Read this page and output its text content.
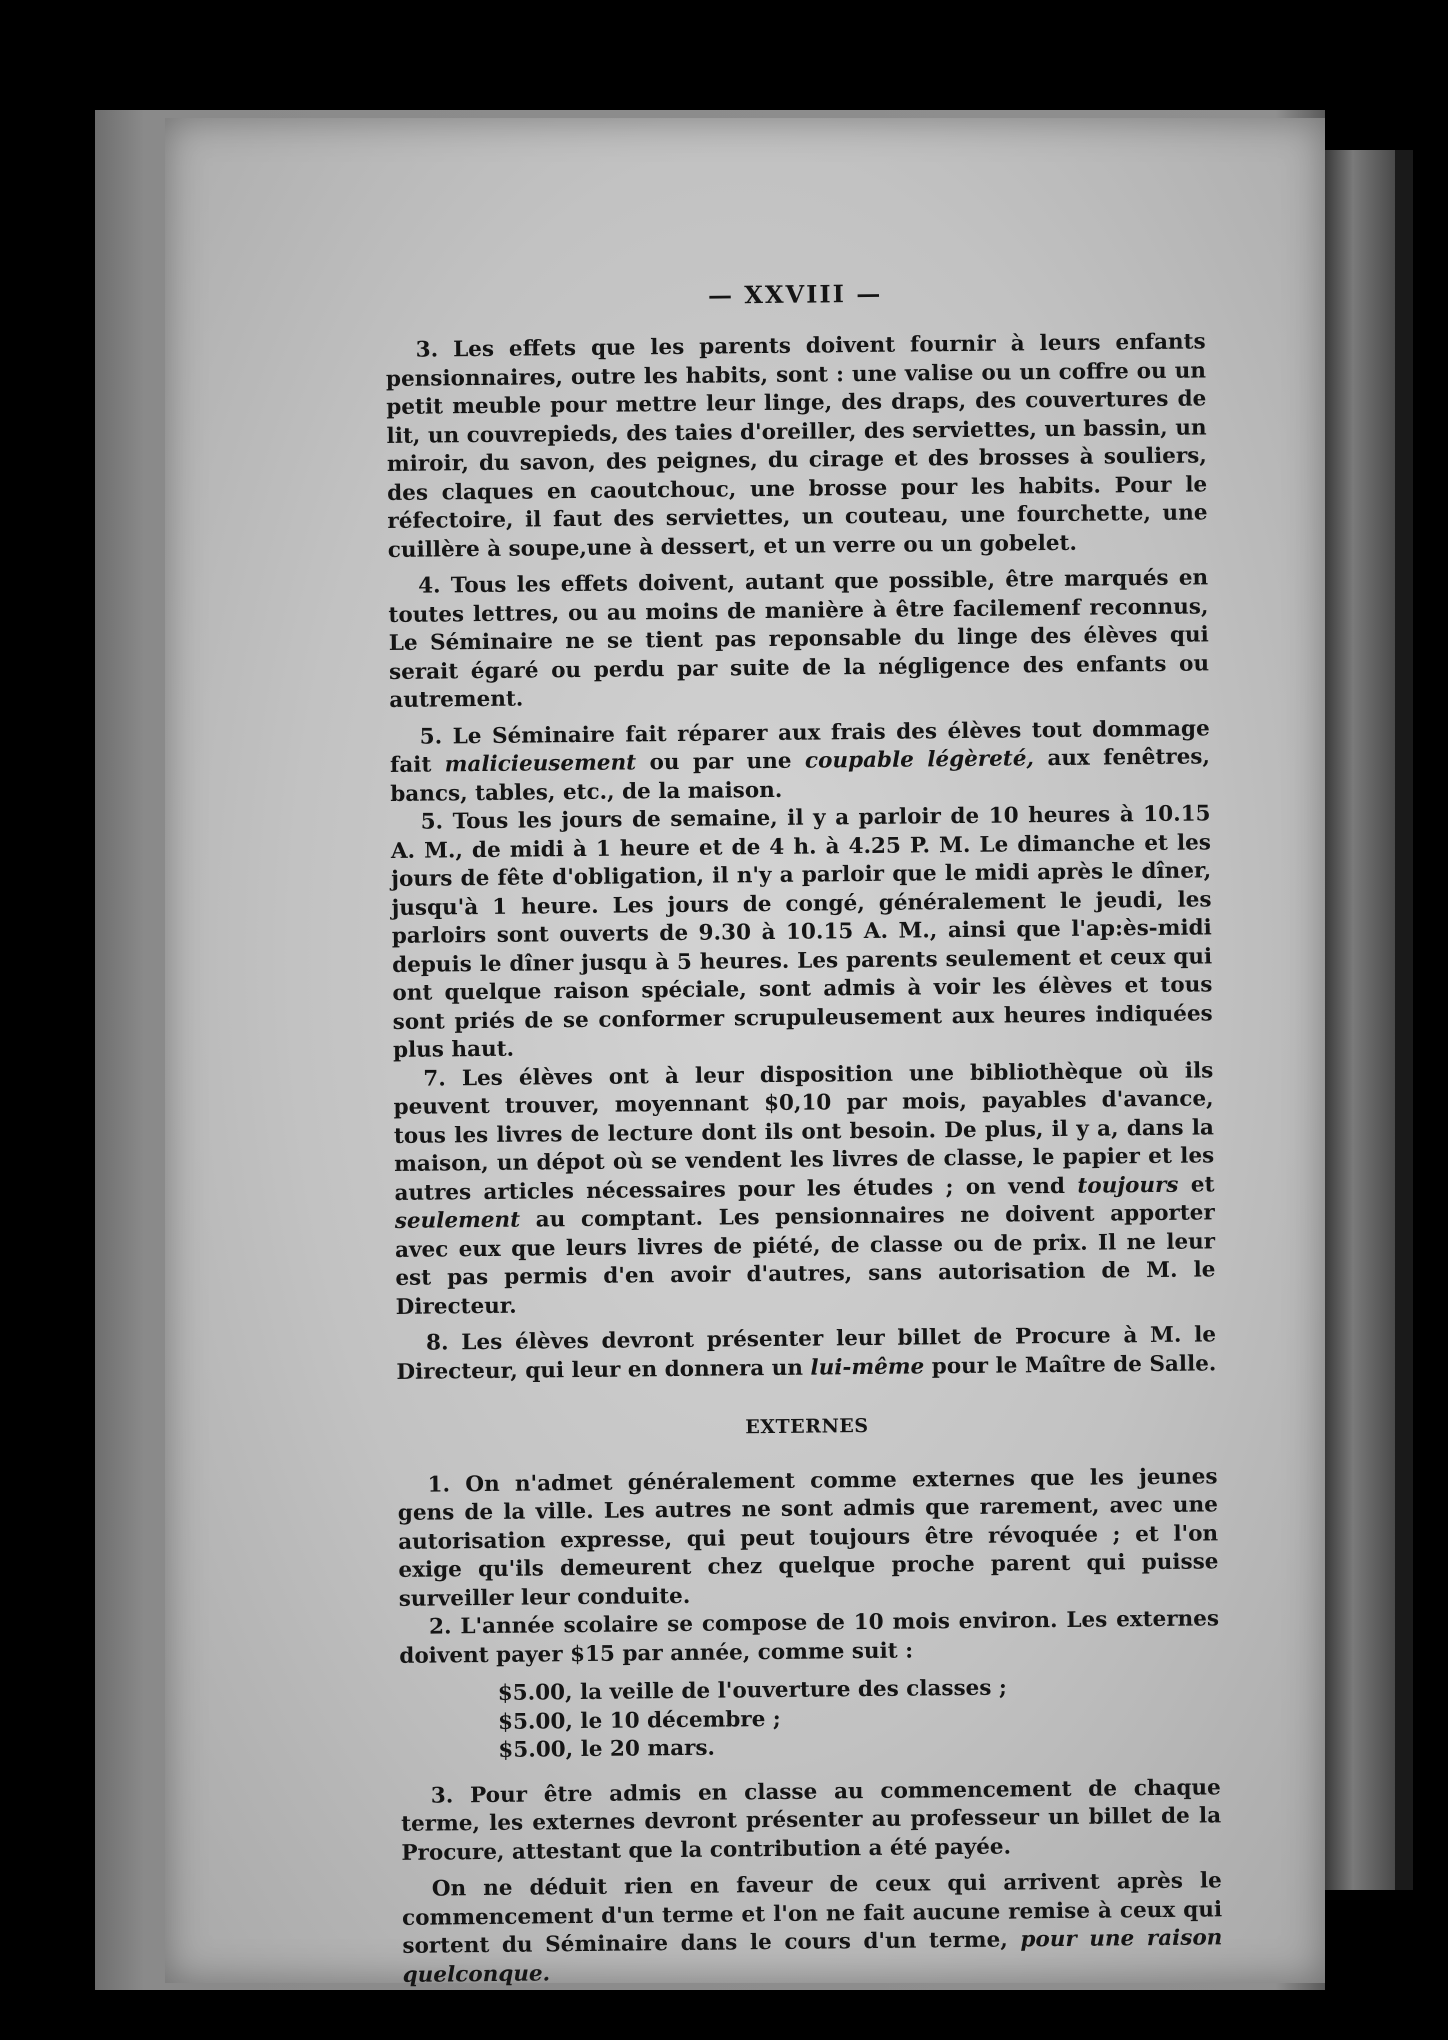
— XXVIII —

3. Les effets que les parents doivent fournir à leurs enfants pensionnaires, outre les habits, sont : une valise ou un coffre ou un petit meuble pour mettre leur linge, des draps, des couvertures de lit, un couvrepieds, des taies d'oreiller, des serviettes, un bassin, un miroir, du savon, des peignes, du cirage et des brosses à souliers, des claques en caoutchouc, une brosse pour les habits. Pour le réfectoire, il faut des serviettes, un couteau, une fourchette, une cuillère à soupe,une à dessert, et un verre ou un gobelet.

4. Tous les effets doivent, autant que possible, être marqués en toutes lettres, ou au moins de manière à être facilemenf reconnus, Le Séminaire ne se tient pas reponsable du linge des élèves qui serait égaré ou perdu par suite de la négligence des enfants ou autrement.

5. Le Séminaire fait réparer aux frais des élèves tout dommage fait malicieusement ou par une coupable légèreté, aux fenêtres, bancs, tables, etc., de la maison.

5. Tous les jours de semaine, il y a parloir de 10 heures à 10.15 A. M., de midi à 1 heure et de 4 h. à 4.25 P. M. Le dimanche et les jours de fête d'obligation, il n'y a parloir que le midi après le dîner, jusqu'à 1 heure. Les jours de congé, généralement le jeudi, les parloirs sont ouverts de 9.30 à 10.15 A. M., ainsi que l'ap:ès-midi depuis le dîner jusqu à 5 heures. Les parents seulement et ceux qui ont quelque raison spéciale, sont admis à voir les élèves et tous sont priés de se conformer scrupuleusement aux heures indiquées plus haut.

7. Les élèves ont à leur disposition une bibliothèque où ils peuvent trouver, moyennant $0,10 par mois, payables d'avance, tous les livres de lecture dont ils ont besoin. De plus, il y a, dans la maison, un dépot où se vendent les livres de classe, le papier et les autres articles nécessaires pour les études ; on vend toujours et seulement au comptant. Les pensionnaires ne doivent apporter avec eux que leurs livres de piété, de classe ou de prix. Il ne leur est pas permis d'en avoir d'autres, sans autorisation de M. le Directeur.

8. Les élèves devront présenter leur billet de Procure à M. le Directeur, qui leur en donnera un lui-même pour le Maître de Salle.

EXTERNES

1. On n'admet généralement comme externes que les jeunes gens de la ville. Les autres ne sont admis que rarement, avec une autorisation expresse, qui peut toujours être révoquée ; et l'on exige qu'ils demeurent chez quelque proche parent qui puisse surveiller leur conduite.

2. L'année scolaire se compose de 10 mois environ. Les externes doivent payer $15 par année, comme suit :

$5.00, la veille de l'ouverture des classes ;
$5.00, le 10 décembre ;
$5.00, le 20 mars.

3. Pour être admis en classe au commencement de chaque terme, les externes devront présenter au professeur un billet de la Procure, attestant que la contribution a été payée.

On ne déduit rien en faveur de ceux qui arrivent après le commencement d'un terme et l'on ne fait aucune remise à ceux qui sortent du Séminaire dans le cours d'un terme, pour une raison quelconque.
